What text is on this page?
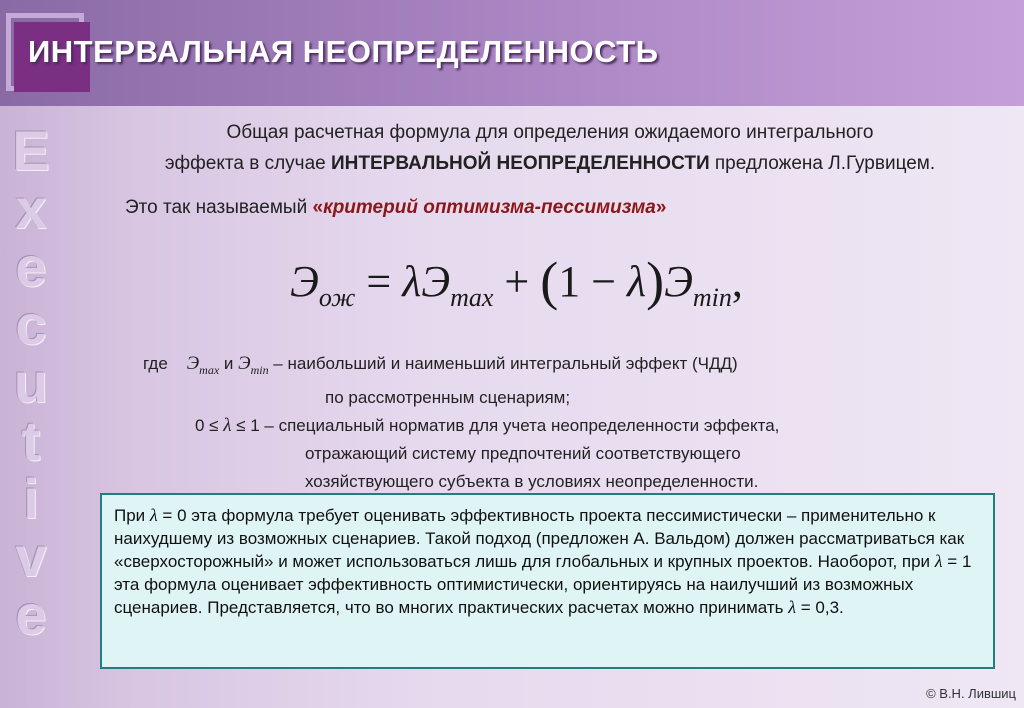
ИНТЕРВАЛЬНАЯ НЕОПРЕДЕЛЕННОСТЬ
E
x
e
c
u
t
i
v
e
Общая расчетная формула для определения ожидаемого интегрального
эффекта в случае ИНТЕРВАЛЬНОЙ НЕОПРЕДЕЛЕННОСТИ предложена Л.Гурвицем.
Это так называемый «критерий оптимизма-пессимизма»
$Э_{ож} = \lambda Э_{max} + (1 - \lambda)Э_{min}$,
где $Э_{max}$ и $Э_{min}$ – наибольший и наименьший интегральный эффект (ЧДД)
по рассмотренным сценариям;
0 ≤ λ ≤ 1 – специальный норматив для учета неопределенности эффекта,
отражающий систему предпочтений соответствующего
хозяйствующего субъекта в условиях неопределенности.
При λ = 0 эта формула требует оценивать эффективность проекта пессимистически – применительно к наихудшему из возможных сценариев. Такой подход (предложен А. Вальдом) должен рассматриваться как «сверхосторожный» и может использоваться лишь для глобальных и крупных проектов. Наоборот, при λ = 1 эта формула оценивает эффективность оптимистически, ориентируясь на наилучший из возможных сценариев. Представляется, что во многих практических расчетах можно принимать λ = 0,3.
© В.Н. Лившиц
